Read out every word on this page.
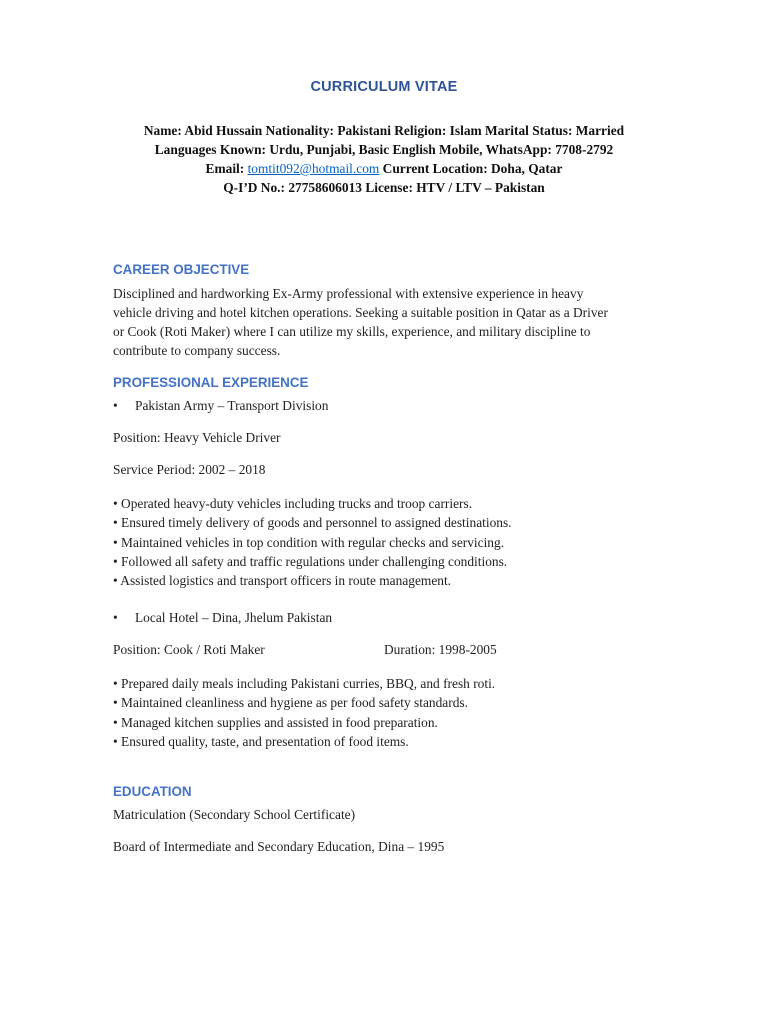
CURRICULUM VITAE
Name: Abid Hussain Nationality: Pakistani Religion: Islam Marital Status: Married
Languages Known: Urdu, Punjabi, Basic English Mobile, WhatsApp: 7708-2792
Email: tomtit092@hotmail.com Current Location: Doha, Qatar
Q-I’D No.: 27758606013 License: HTV / LTV – Pakistan
CAREER OBJECTIVE
Disciplined and hardworking Ex-Army professional with extensive experience in heavy
vehicle driving and hotel kitchen operations. Seeking a suitable position in Qatar as a Driver
or Cook (Roti Maker) where I can utilize my skills, experience, and military discipline to
contribute to company success.
PROFESSIONAL EXPERIENCE
• Pakistan Army – Transport Division
Position: Heavy Vehicle Driver
Service Period: 2002 – 2018
• Operated heavy-duty vehicles including trucks and troop carriers.
• Ensured timely delivery of goods and personnel to assigned destinations.
• Maintained vehicles in top condition with regular checks and servicing.
• Followed all safety and traffic regulations under challenging conditions.
• Assisted logistics and transport officers in route management.
• Local Hotel – Dina, Jhelum Pakistan
Position: Cook / Roti Maker	Duration: 1998-2005
• Prepared daily meals including Pakistani curries, BBQ, and fresh roti.
• Maintained cleanliness and hygiene as per food safety standards.
• Managed kitchen supplies and assisted in food preparation.
• Ensured quality, taste, and presentation of food items.
EDUCATION
Matriculation (Secondary School Certificate)
Board of Intermediate and Secondary Education, Dina – 1995
